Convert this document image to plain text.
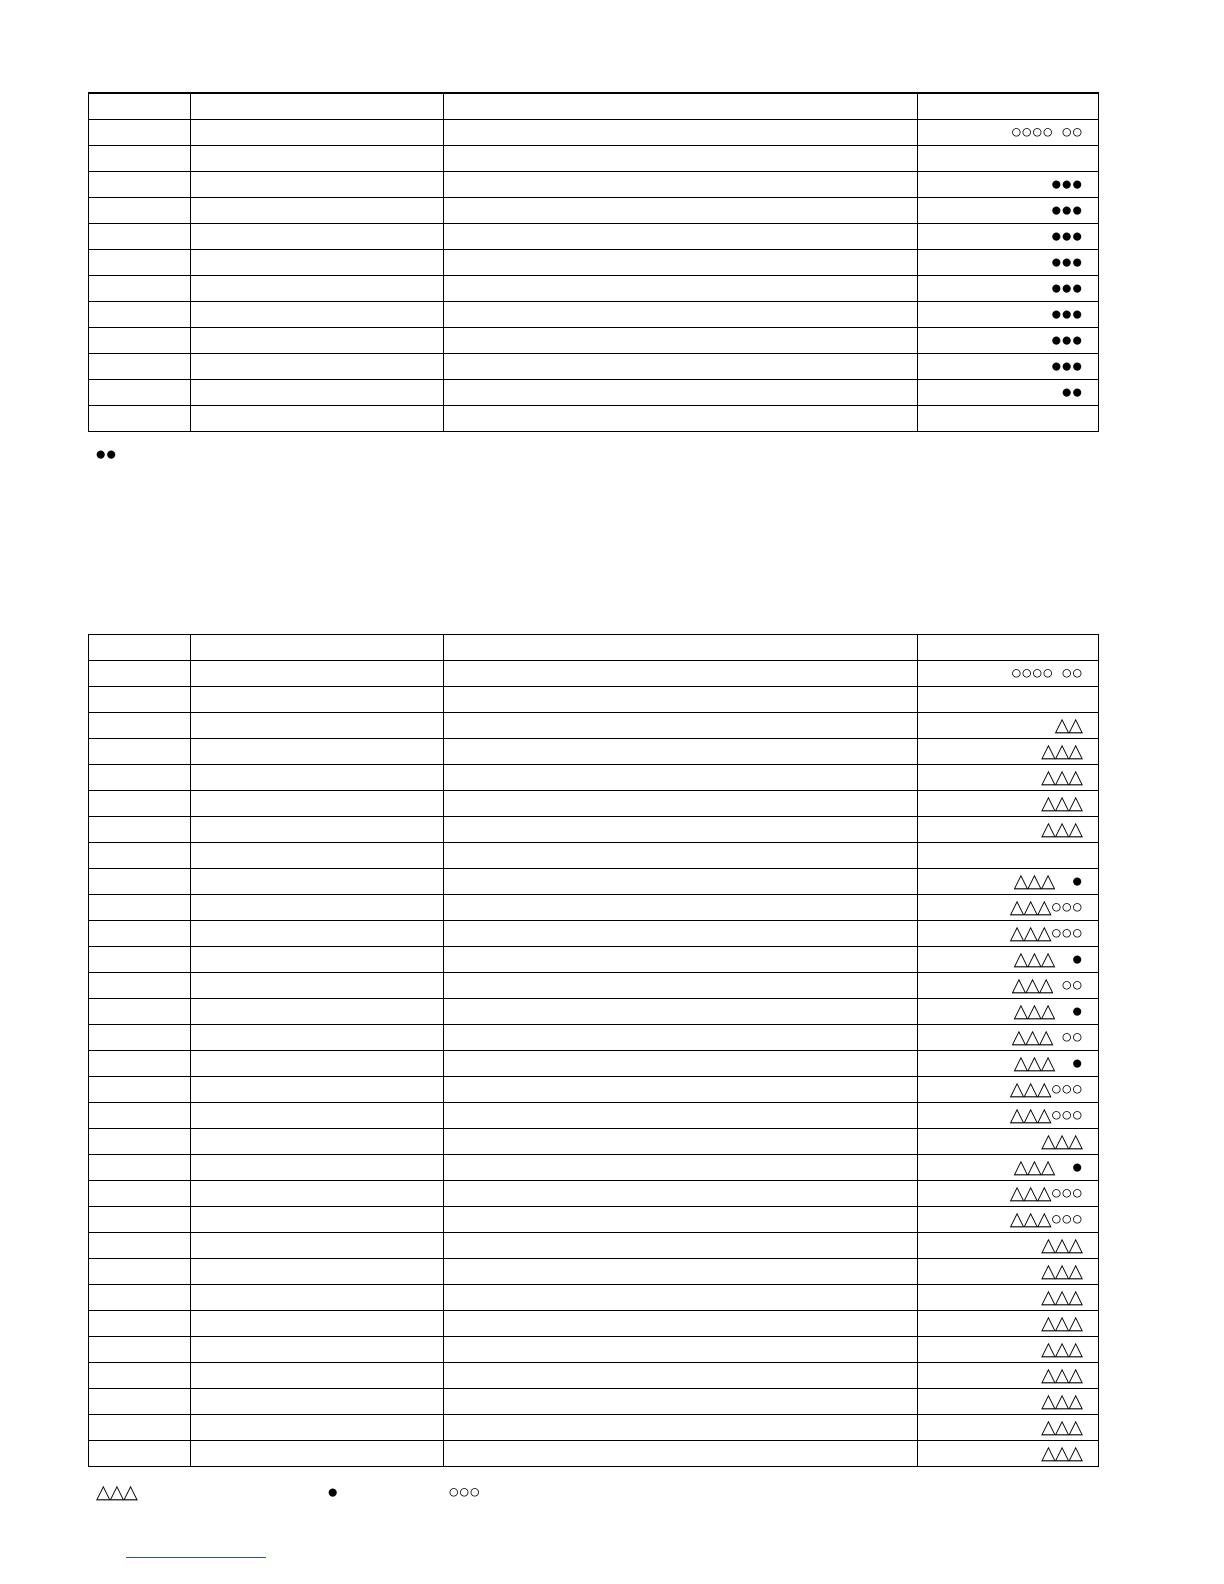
			○○○○  ○○

			●●●
			●●●
			●●●
			●●●
			●●●
			●●●
			●●●
			●●●
			●●

●●

			○○○○  ○○

			△△
			△△△
			△△△
			△△△
			△△△

			△△△    ●
			△△△○○○
			△△△○○○
			△△△    ●
			△△△  ○○
			△△△    ●
			△△△  ○○
			△△△    ●
			△△△○○○
			△△△○○○
			△△△
			△△△    ●
			△△△○○○
			△△△○○○
			△△△
			△△△
			△△△
			△△△
			△△△
			△△△
			△△△
			△△△
			△△△
△△△	●	○○○
